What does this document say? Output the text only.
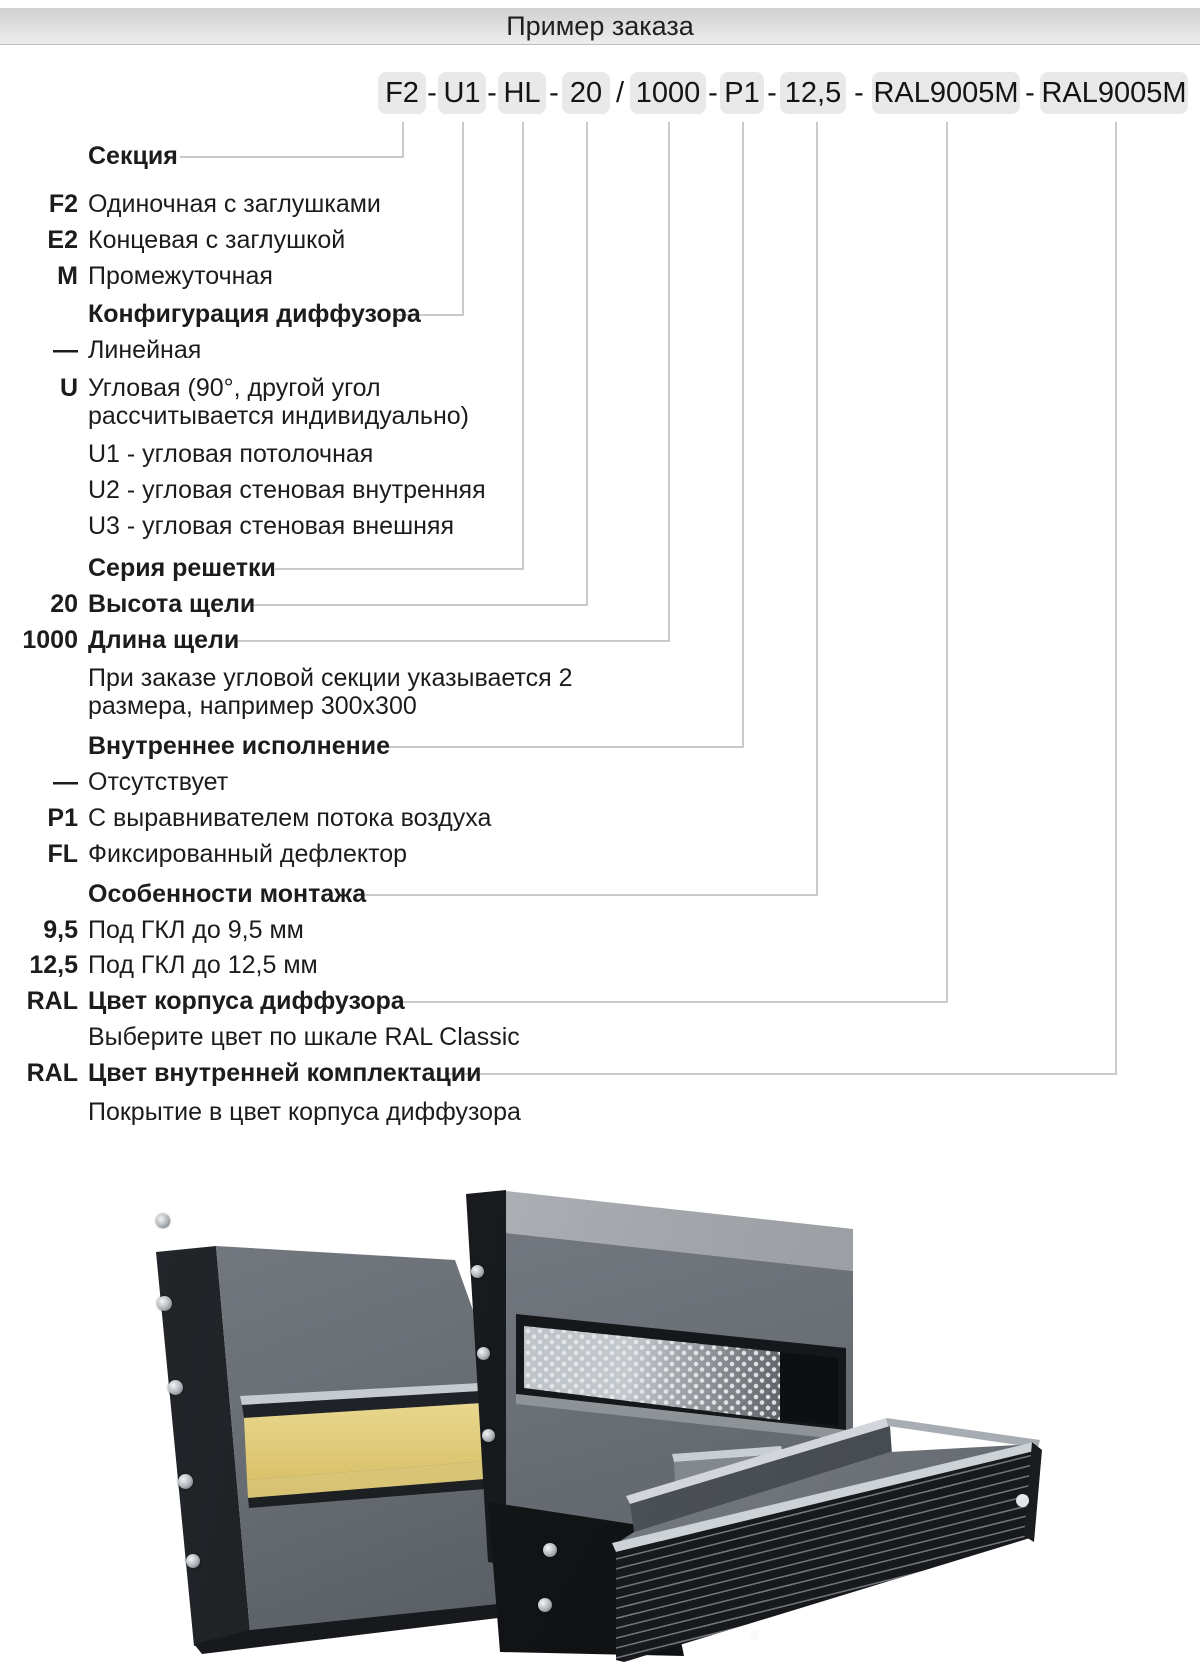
Пример заказа
F2 - U1 - HL - 20 / 1000 - P1 - 12,5 - RAL9005M - RAL9005M
Секция
F2 Одиночная с заглушками
E2 Концевая с заглушкой
M Промежуточная
Конфигурация диффузора
— Линейная
U Угловая (90°, другой угол рассчитывается индивидуально)
U1 - угловая потолочная
U2 - угловая стеновая внутренняя
U3 - угловая стеновая внешняя
Серия решетки
20 Высота щели
1000 Длина щели
При заказе угловой секции указывается 2 размера, например 300x300
Внутреннее исполнение
— Отсутствует
P1 С выравнивателем потока воздуха
FL Фиксированный дефлектор
Особенности монтажа
9,5 Под ГКЛ до 9,5 мм
12,5 Под ГКЛ до 12,5 мм
RAL Цвет корпуса диффузора
Выберите цвет по шкале RAL Classic
RAL Цвет внутренней комплектации
Покрытие в цвет корпуса диффузора
